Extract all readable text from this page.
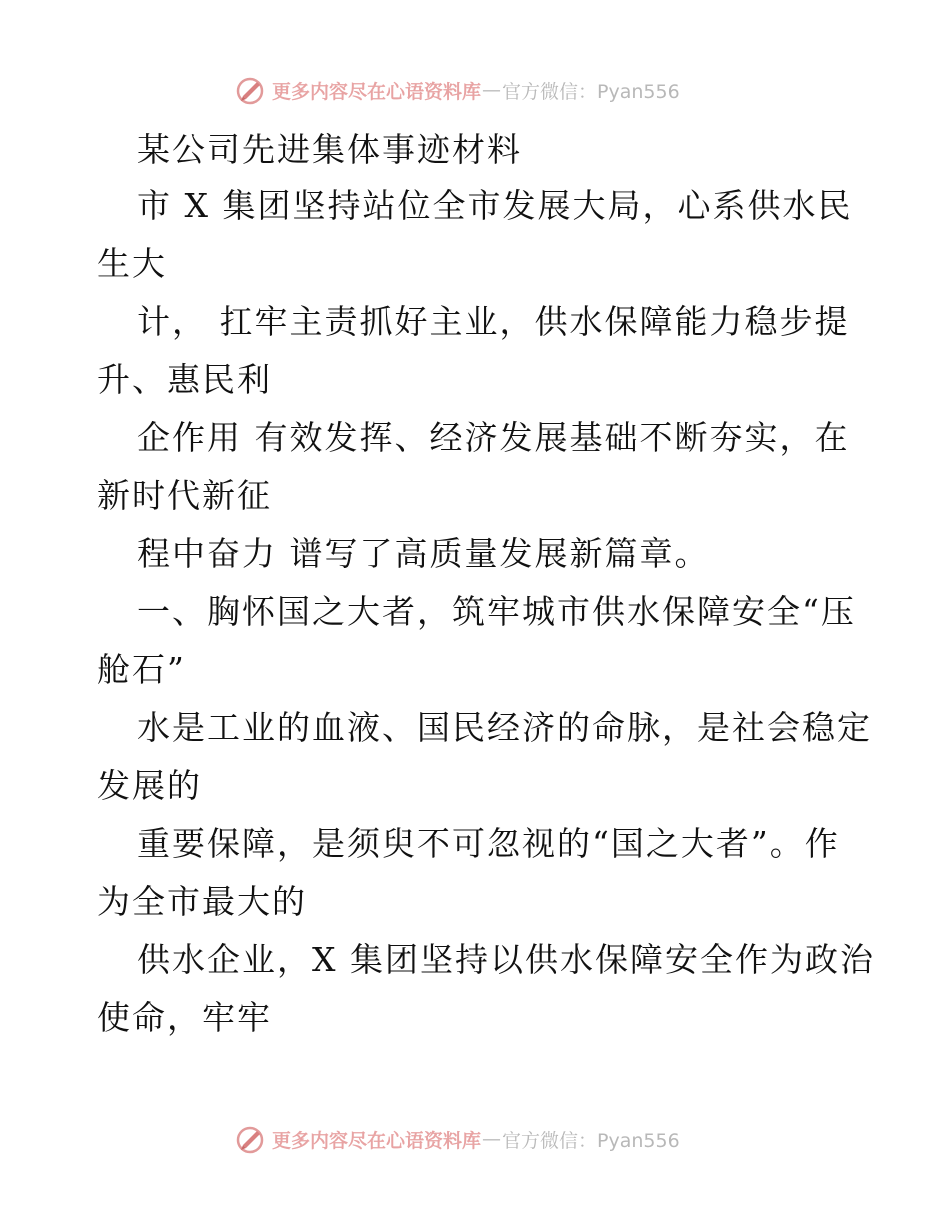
更多内容尽在心语资料库 — 官方微信：Pyan556
某公司先进集体事迹材料
市 X 集团坚持站位全市发展大局，心系供水民
生大
计， 扛牢主责抓好主业，供水保障能力稳步提
升、惠民利
企作用 有效发挥、经济发展基础不断夯实，在
新时代新征
程中奋力 谱写了高质量发展新篇章。
一、胸怀国之大者，筑牢城市供水保障安全“压
舱石”
水是工业的血液、国民经济的命脉，是社会稳定
发展的
重要保障，是须臾不可忽视的“国之大者”。作
为全市最大的
供水企业，X 集团坚持以供水保障安全作为政治
使命，牢牢
更多内容尽在心语资料库 — 官方微信：Pyan556
